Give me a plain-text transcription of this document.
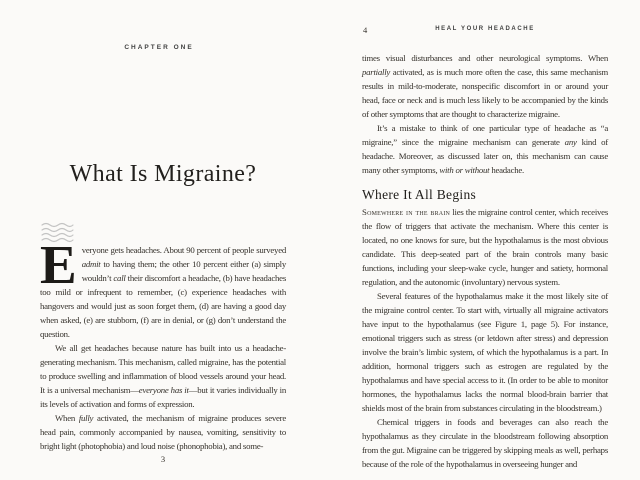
CHAPTER ONE
What Is Migraine?

Everyone gets headaches. About 90 percent of people surveyed admit to having them; the other 10 percent either (a) simply wouldn’t call their discomfort a headache, (b) have headaches too mild or infrequent to remember, (c) experience headaches with hangovers and would just as soon forget them, (d) are having a good day when asked, (e) are stubborn, (f) are in denial, or (g) don’t understand the question.

We all get headaches because nature has built into us a headache-generating mechanism. This mechanism, called migraine, has the potential to produce swelling and inflammation of blood vessels around your head. It is a universal mechanism—everyone has it—but it varies individually in its levels of activation and forms of expression.

When fully activated, the mechanism of migraine produces severe head pain, commonly accompanied by nausea, vomiting, sensitivity to bright light (photophobia) and loud noise (phonophobia), and some-

3
4	HEAL YOUR HEADACHE

times visual disturbances and other neurological symptoms. When partially activated, as is much more often the case, this same mechanism results in mild-to-moderate, nonspecific discomfort in or around your head, face or neck and is much less likely to be accompanied by the kinds of other symptoms that are thought to characterize migraine.

It’s a mistake to think of one particular type of headache as “a migraine,” since the migraine mechanism can generate any kind of headache. Moreover, as discussed later on, this mechanism can cause many other symptoms, with or without headache.

Where It All Begins

Somewhere in the brain lies the migraine control center, which receives the flow of triggers that activate the mechanism. Where this center is located, no one knows for sure, but the hypothalamus is the most obvious candidate. This deep-seated part of the brain controls many basic functions, including your sleep-wake cycle, hunger and satiety, hormonal regulation, and the autonomic (involuntary) nervous system.

Several features of the hypothalamus make it the most likely site of the migraine control center. To start with, virtually all migraine activators have input to the hypothalamus (see Figure 1, page 5). For instance, emotional triggers such as stress (or letdown after stress) and depression involve the brain’s limbic system, of which the hypothalamus is a part. In addition, hormonal triggers such as estrogen are regulated by the hypothalamus and have special access to it. (In order to be able to monitor hormones, the hypothalamus lacks the normal blood-brain barrier that shields most of the brain from substances circulating in the bloodstream.)

Chemical triggers in foods and beverages can also reach the hypothalamus as they circulate in the bloodstream following absorption from the gut. Migraine can be triggered by skipping meals as well, perhaps because of the role of the hypothalamus in overseeing hunger and
